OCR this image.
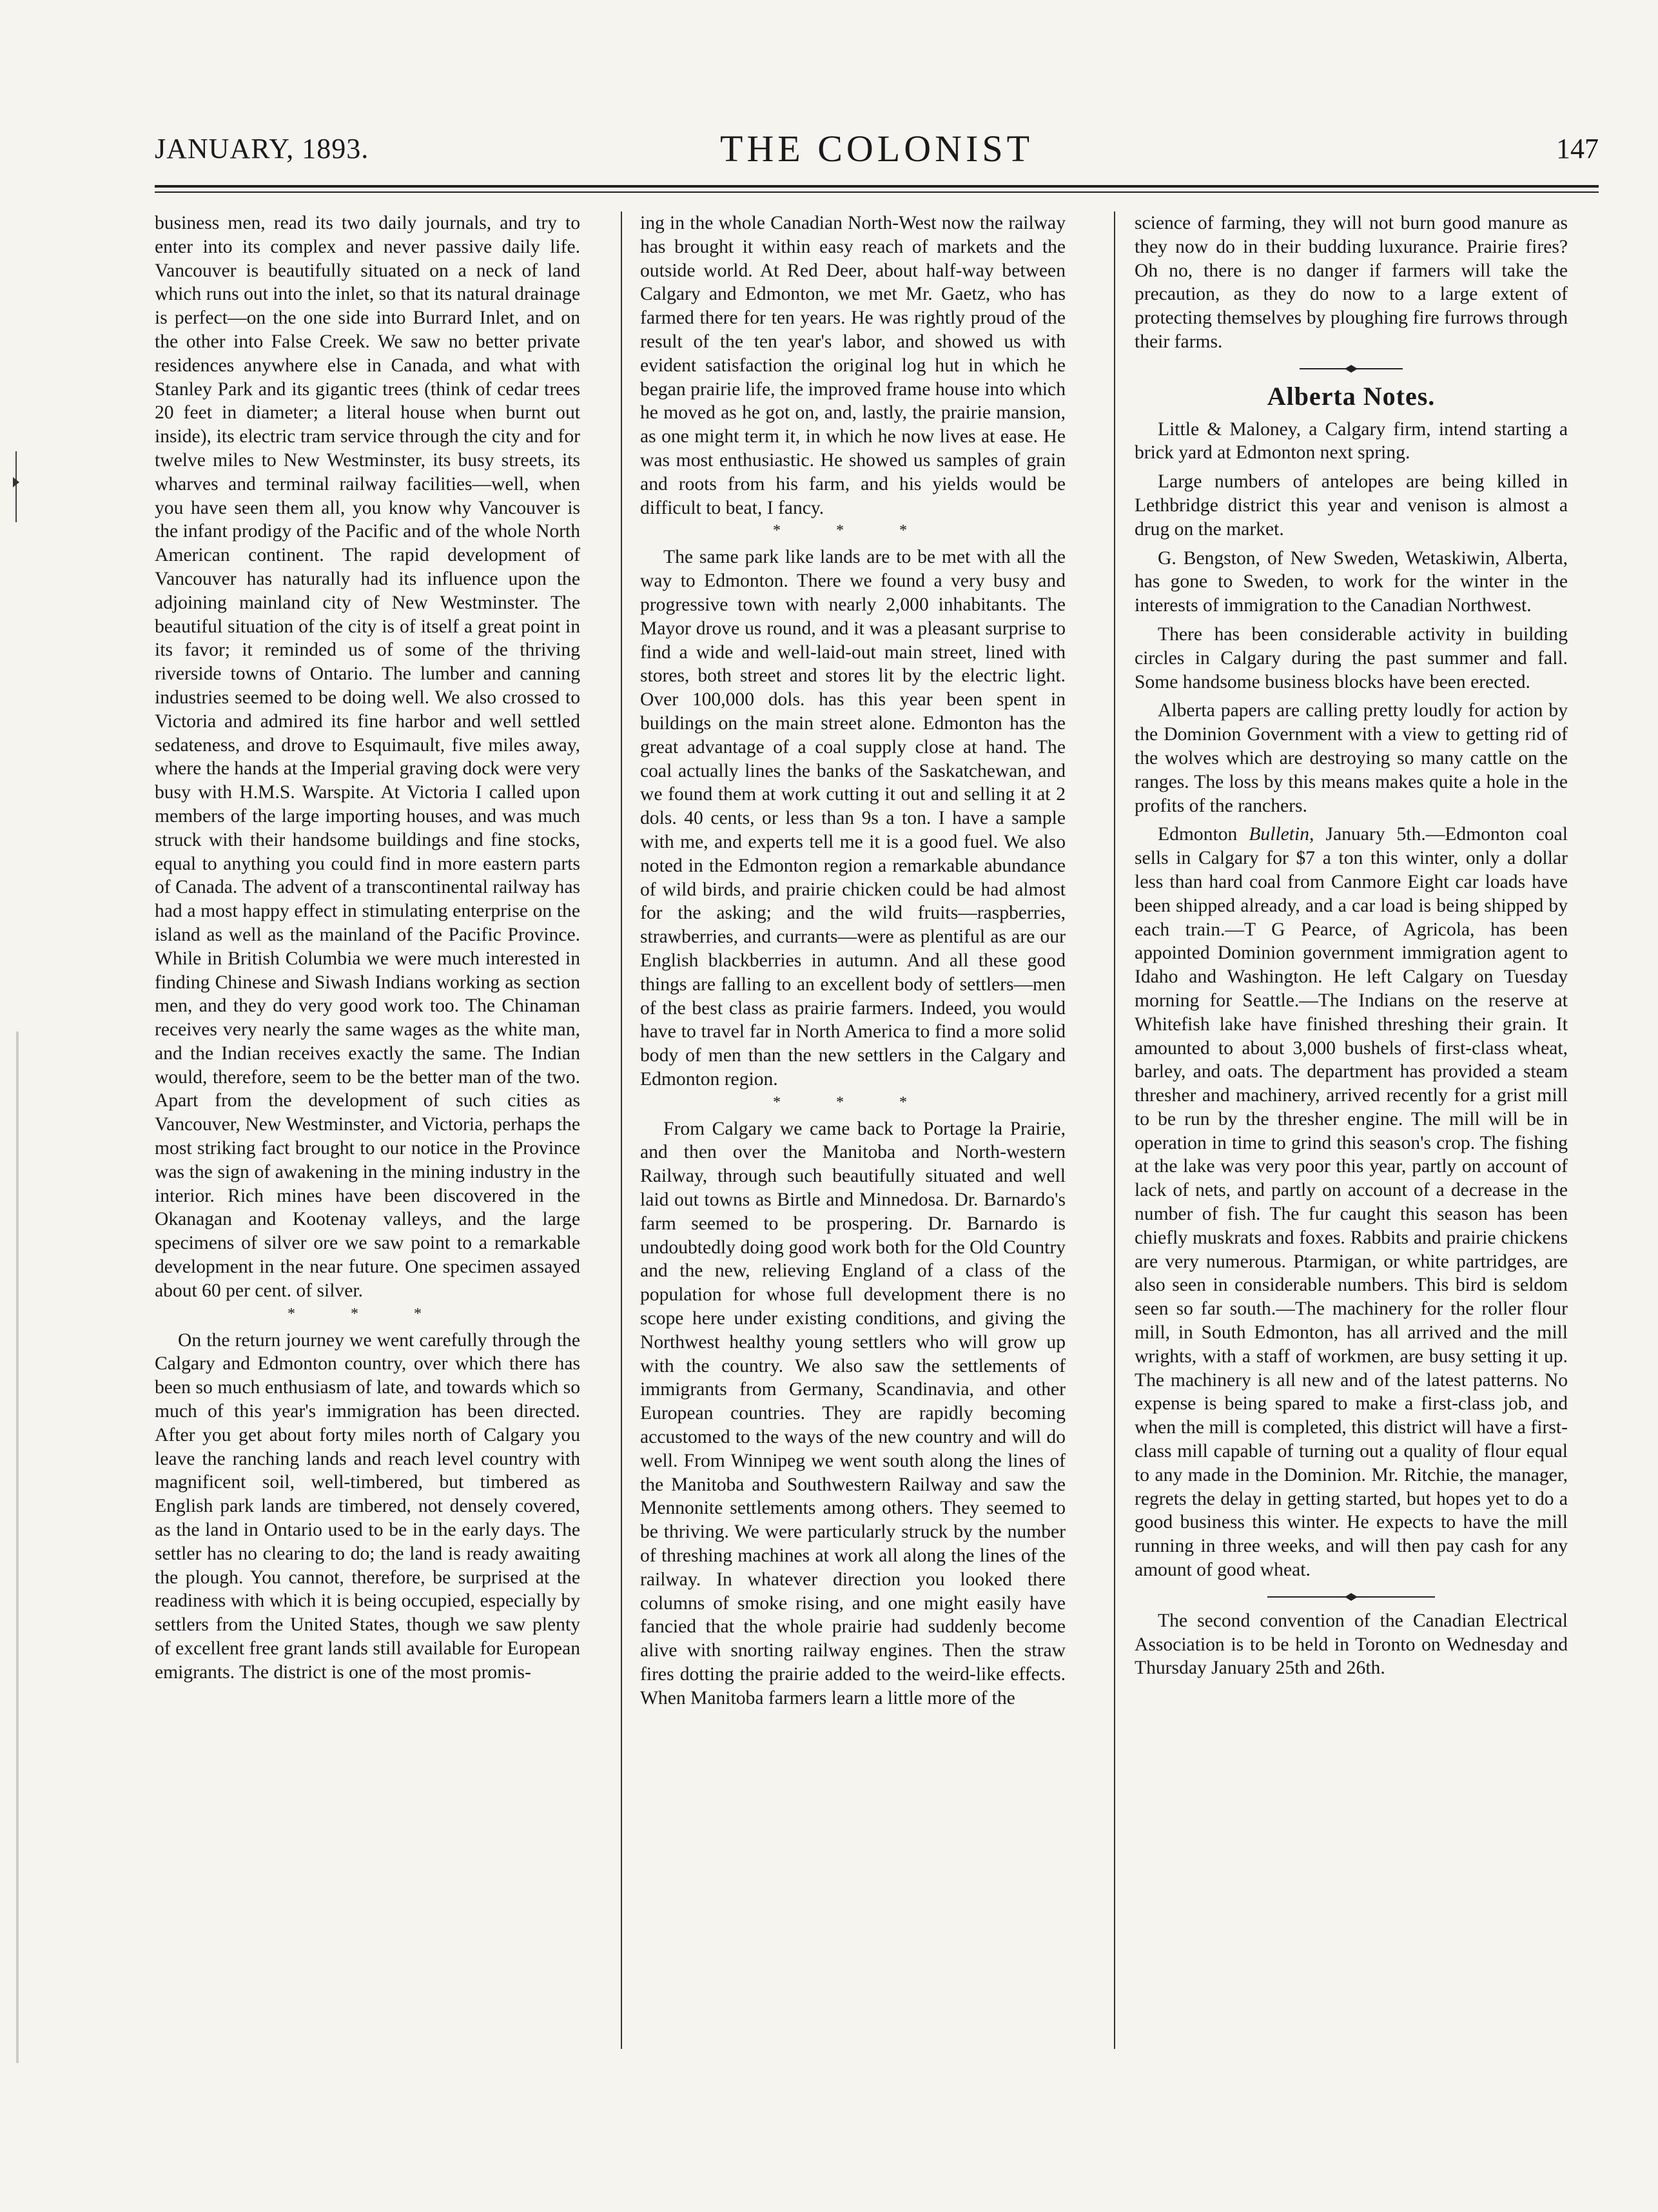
JANUARY, 1893.	THE COLONIST	147

business men, read its two daily journals, and try to enter into its complex and never passive daily life. Vancouver is beautifully situated on a neck of land which runs out into the inlet, so that its natural drainage is perfect—on the one side into Burrard Inlet, and on the other into False Creek. We saw no better private residences anywhere else in Canada, and what with Stanley Park and its gigantic trees (think of cedar trees 20 feet in diameter; a literal house when burnt out inside), its electric tram service through the city and for twelve miles to New Westminster, its busy streets, its wharves and terminal railway facilities—well, when you have seen them all, you know why Vancouver is the infant prodigy of the Pacific and of the whole North American continent. The rapid development of Vancouver has naturally had its influence upon the adjoining mainland city of New Westminster. The beautiful situation of the city is of itself a great point in its favor; it reminded us of some of the thriving riverside towns of Ontario. The lumber and canning industries seemed to be doing well. We also crossed to Victoria and admired its fine harbor and well settled sedateness, and drove to Esquimault, five miles away, where the hands at the Imperial graving dock were very busy with H.M.S. Warspite. At Victoria I called upon members of the large importing houses, and was much struck with their handsome buildings and fine stocks, equal to anything you could find in more eastern parts of Canada. The advent of a transcontinental railway has had a most happy effect in stimulating enterprise on the island as well as the mainland of the Pacific Province. While in British Columbia we were much interested in finding Chinese and Siwash Indians working as section men, and they do very good work too. The Chinaman receives very nearly the same wages as the white man, and the Indian receives exactly the same. The Indian would, therefore, seem to be the better man of the two. Apart from the development of such cities as Vancouver, New Westminster, and Victoria, perhaps the most striking fact brought to our notice in the Province was the sign of awakening in the mining industry in the interior. Rich mines have been discovered in the Okanagan and Kootenay valleys, and the large specimens of silver ore we saw point to a remarkable development in the near future. One specimen assayed about 60 per cent. of silver.

* * *

On the return journey we went carefully through the Calgary and Edmonton country, over which there has been so much enthusiasm of late, and towards which so much of this year's immigration has been directed. After you get about forty miles north of Calgary you leave the ranching lands and reach level country with magnificent soil, well-timbered, but timbered as English park lands are timbered, not densely covered, as the land in Ontario used to be in the early days. The settler has no clearing to do; the land is ready awaiting the plough. You cannot, therefore, be surprised at the readiness with which it is being occupied, especially by settlers from the United States, though we saw plenty of excellent free grant lands still available for European emigrants. The district is one of the most promis-

ing in the whole Canadian North-West now the railway has brought it within easy reach of markets and the outside world. At Red Deer, about half-way between Calgary and Edmonton, we met Mr. Gaetz, who has farmed there for ten years. He was rightly proud of the result of the ten year's labor, and showed us with evident satisfaction the original log hut in which he began prairie life, the improved frame house into which he moved as he got on, and, lastly, the prairie mansion, as one might term it, in which he now lives at ease. He was most enthusiastic. He showed us samples of grain and roots from his farm, and his yields would be difficult to beat, I fancy.

* * *

The same park like lands are to be met with all the way to Edmonton. There we found a very busy and progressive town with nearly 2,000 inhabitants. The Mayor drove us round, and it was a pleasant surprise to find a wide and well-laid-out main street, lined with stores, both street and stores lit by the electric light. Over 100,000 dols. has this year been spent in buildings on the main street alone. Edmonton has the great advantage of a coal supply close at hand. The coal actually lines the banks of the Saskatchewan, and we found them at work cutting it out and selling it at 2 dols. 40 cents, or less than 9s a ton. I have a sample with me, and experts tell me it is a good fuel. We also noted in the Edmonton region a remarkable abundance of wild birds, and prairie chicken could be had almost for the asking; and the wild fruits—raspberries, strawberries, and currants—were as plentiful as are our English blackberries in autumn. And all these good things are falling to an excellent body of settlers—men of the best class as prairie farmers. Indeed, you would have to travel far in North America to find a more solid body of men than the new settlers in the Calgary and Edmonton region.

* * *

From Calgary we came back to Portage la Prairie, and then over the Manitoba and North-western Railway, through such beautifully situated and well laid out towns as Birtle and Minnedosa. Dr. Barnardo's farm seemed to be prospering. Dr. Barnardo is undoubtedly doing good work both for the Old Country and the new, relieving England of a class of the population for whose full development there is no scope here under existing conditions, and giving the Northwest healthy young settlers who will grow up with the country. We also saw the settlements of immigrants from Germany, Scandinavia, and other European countries. They are rapidly becoming accustomed to the ways of the new country and will do well. From Winnipeg we went south along the lines of the Manitoba and Southwestern Railway and saw the Mennonite settlements among others. They seemed to be thriving. We were particularly struck by the number of threshing machines at work all along the lines of the railway. In whatever direction you looked there columns of smoke rising, and one might easily have fancied that the whole prairie had suddenly become alive with snorting railway engines. Then the straw fires dotting the prairie added to the weird-like effects. When Manitoba farmers learn a little more of the

science of farming, they will not burn good manure as they now do in their budding luxurance. Prairie fires? Oh no, there is no danger if farmers will take the precaution, as they do now to a large extent of protecting themselves by ploughing fire furrows through their farms.

Alberta Notes.

Little & Maloney, a Calgary firm, intend starting a brick yard at Edmonton next spring.

Large numbers of antelopes are being killed in Lethbridge district this year and venison is almost a drug on the market.

G. Bengston, of New Sweden, Wetaskiwin, Alberta, has gone to Sweden, to work for the winter in the interests of immigration to the Canadian Northwest.

There has been considerable activity in building circles in Calgary during the past summer and fall. Some handsome business blocks have been erected.

Alberta papers are calling pretty loudly for action by the Dominion Government with a view to getting rid of the wolves which are destroying so many cattle on the ranges. The loss by this means makes quite a hole in the profits of the ranchers.

Edmonton Bulletin, January 5th.—Edmonton coal sells in Calgary for $7 a ton this winter, only a dollar less than hard coal from Canmore Eight car loads have been shipped already, and a car load is being shipped by each train.—T G Pearce, of Agricola, has been appointed Dominion government immigration agent to Idaho and Washington. He left Calgary on Tuesday morning for Seattle.—The Indians on the reserve at Whitefish lake have finished threshing their grain. It amounted to about 3,000 bushels of first-class wheat, barley, and oats. The department has provided a steam thresher and machinery, arrived recently for a grist mill to be run by the thresher engine. The mill will be in operation in time to grind this season's crop. The fishing at the lake was very poor this year, partly on account of lack of nets, and partly on account of a decrease in the number of fish. The fur caught this season has been chiefly muskrats and foxes. Rabbits and prairie chickens are very numerous. Ptarmigan, or white partridges, are also seen in considerable numbers. This bird is seldom seen so far south.—The machinery for the roller flour mill, in South Edmonton, has all arrived and the mill wrights, with a staff of workmen, are busy setting it up. The machinery is all new and of the latest patterns. No expense is being spared to make a first-class job, and when the mill is completed, this district will have a first-class mill capable of turning out a quality of flour equal to any made in the Dominion. Mr. Ritchie, the manager, regrets the delay in getting started, but hopes yet to do a good business this winter. He expects to have the mill running in three weeks, and will then pay cash for any amount of good wheat.

The second convention of the Canadian Electrical Association is to be held in Toronto on Wednesday and Thursday January 25th and 26th.
